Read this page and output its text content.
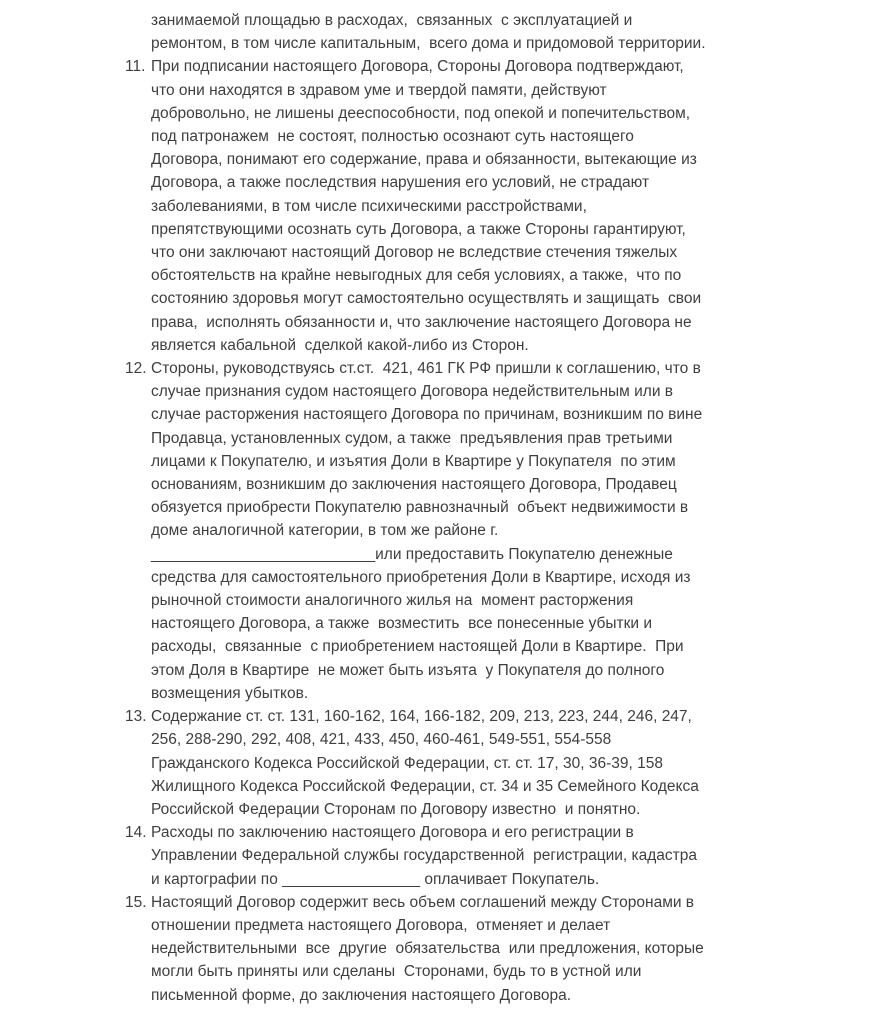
занимаемой площадью в расходах,  связанных  с эксплуатацией и ремонтом, в том числе капитальным,  всего дома и придомовой территории.

11. При подписании настоящего Договора, Стороны Договора подтверждают,  что они находятся в здравом уме и твердой памяти, действуют добровольно, не лишены дееспособности, под опекой и попечительством, под патронажем  не состоят, полностью осознают суть настоящего Договора, понимают его содержание, права и обязанности, вытекающие из Договора, а также последствия нарушения его условий, не страдают  заболеваниями, в том числе психическими расстройствами, препятствующими осознать суть Договора, а также Стороны гарантируют, что они заключают настоящий Договор не вследствие стечения тяжелых  обстоятельств на крайне невыгодных для себя условиях, а также,  что по состоянию здоровья могут самостоятельно осуществлять и защищать  свои права,  исполнять обязанности и, что заключение настоящего Договора не является кабальной  сделкой какой-либо из Сторон.
12. Стороны, руководствуясь ст.ст.  421, 461 ГК РФ пришли к соглашению, что в случае признания судом настоящего Договора недействительным или в случае расторжения настоящего Договора по причинам, возникшим по вине Продавца, установленных судом, а также  предъявления прав третьими лицами к Покупателю, и изъятия Доли в Квартире у Покупателя  по этим основаниям, возникшим до заключения настоящего Договора, Продавец  обязуется приобрести Покупателю равнозначный  объект недвижимости в доме аналогичной категории, в том же районе г. __________________________или предоставить Покупателю денежные средства для самостоятельного приобретения Доли в Квартире, исходя из  рыночной стоимости аналогичного жилья на  момент расторжения настоящего Договора, а также  возместить  все понесенные убытки и расходы,  связанные  с приобретением настоящей Доли в Квартире.  При этом Доля в Квартире  не может быть изъята  у Покупателя до полного возмещения убытков.
13. Содержание ст. ст. 131, 160-162, 164, 166-182, 209, 213, 223, 244, 246, 247, 256, 288-290, 292, 408, 421, 433, 450, 460-461, 549-551, 554-558 Гражданского Кодекса Российской Федерации, ст. ст. 17, 30, 36-39, 158 Жилищного Кодекса Российской Федерации, ст. 34 и 35 Семейного Кодекса Российской Федерации Сторонам по Договору известно  и понятно.
14. Расходы по заключению настоящего Договора и его регистрации в Управлении Федеральной службы государственной  регистрации, кадастра  и картографии по ________________ оплачивает Покупатель.
15. Настоящий Договор содержит весь объем соглашений между Сторонами в отношении предмета настоящего Договора,  отменяет и делает недействительными  все  другие  обязательства  или предложения, которые могли быть приняты или сделаны  Сторонами, будь то в устной или письменной форме, до заключения настоящего Договора.
